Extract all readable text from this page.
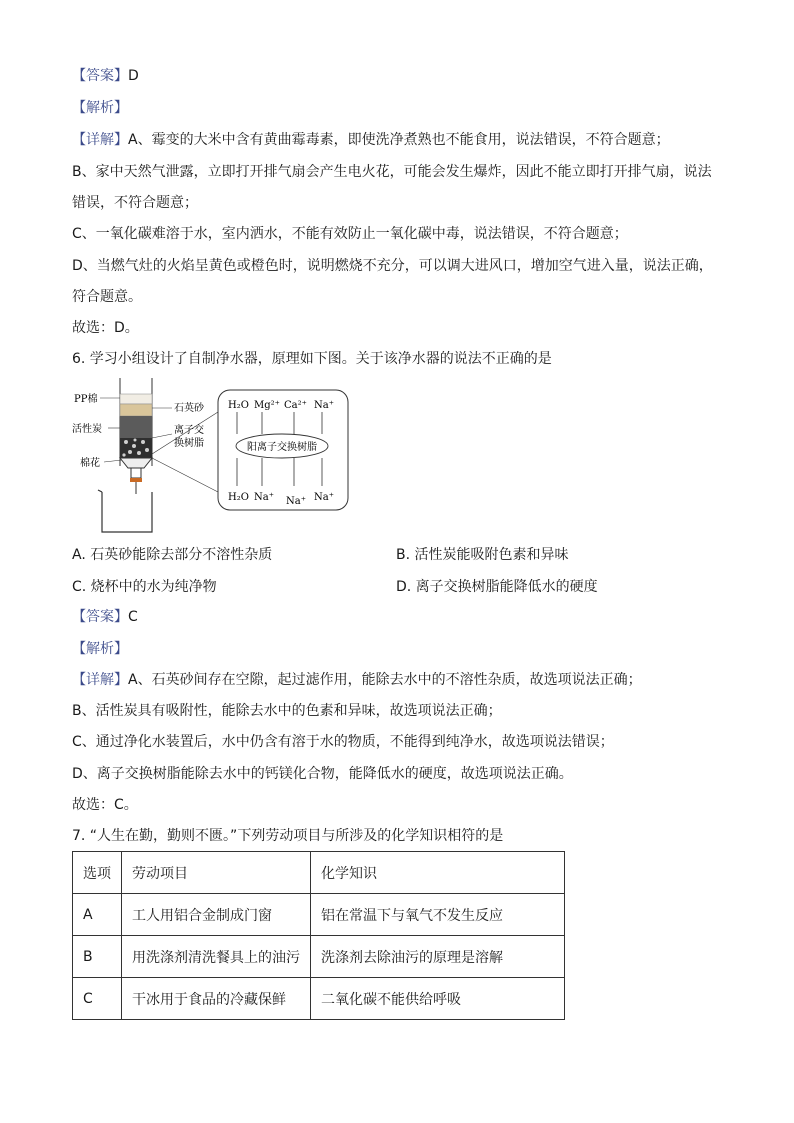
【答案】D
【解析】
【详解】A、霉变的大米中含有黄曲霉毒素，即使洗净煮熟也不能食用，说法错误，不符合题意；
B、家中天然气泄露，立即打开排气扇会产生电火花，可能会发生爆炸，因此不能立即打开排气扇，说法
错误，不符合题意；
C、一氧化碳难溶于水，室内洒水，不能有效防止一氧化碳中毒，说法错误，不符合题意；
D、当燃气灶的火焰呈黄色或橙色时，说明燃烧不充分，可以调大进风口，增加空气进入量，说法正确，
符合题意。
故选：D。
6. 学习小组设计了自制净水器，原理如下图。关于该净水器的说法不正确的是
PP棉
石英砂
活性炭	离子交
换树脂
棉花
H₂O Mg²⁺ Ca²⁺ Na⁺
阳离子交换树脂
H₂O Na⁺ Na⁺ Na⁺
A. 石英砂能除去部分不溶性杂质	B. 活性炭能吸附色素和异味
C. 烧杯中的水为纯净物	D. 离子交换树脂能降低水的硬度
【答案】C
【解析】
【详解】A、石英砂间存在空隙，起过滤作用，能除去水中的不溶性杂质，故选项说法正确；
B、活性炭具有吸附性，能除去水中的色素和异味，故选项说法正确；
C、通过净化水装置后，水中仍含有溶于水的物质，不能得到纯净水，故选项说法错误；
D、离子交换树脂能除去水中的钙镁化合物，能降低水的硬度，故选项说法正确。
故选：C。
7. “人生在勤，勤则不匮。”下列劳动项目与所涉及的化学知识相符的是
选项	劳动项目	化学知识
A	工人用铝合金制成门窗	铝在常温下与氧气不发生反应
B	用洗涤剂清洗餐具上的油污	洗涤剂去除油污的原理是溶解
C	干冰用于食品的冷藏保鲜	二氧化碳不能供给呼吸
